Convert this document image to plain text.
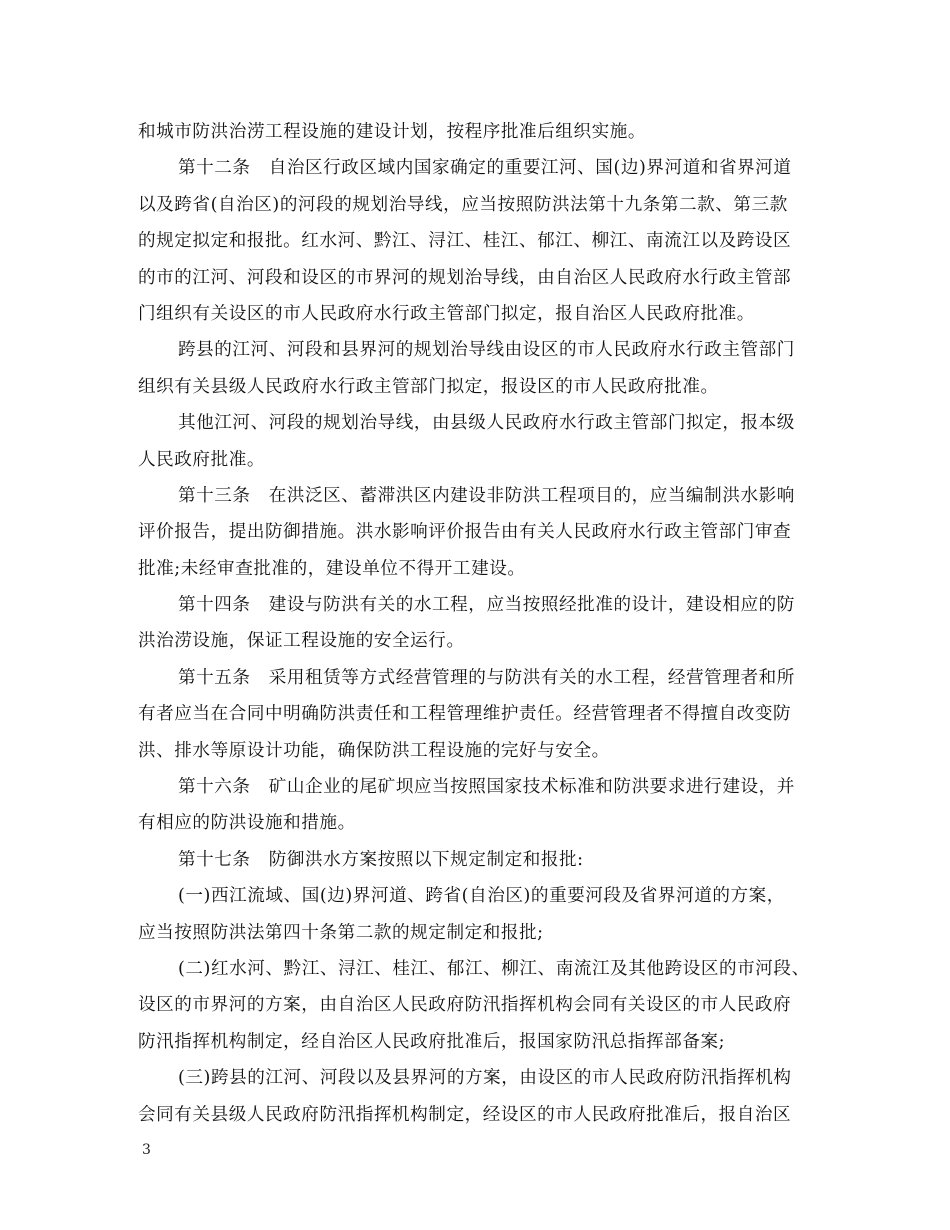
和城市防洪治涝工程设施的建设计划，按程序批准后组织实施。
第十二条　自治区行政区域内国家确定的重要江河、国(边)界河道和省界河道
以及跨省(自治区)的河段的规划治导线，应当按照防洪法第十九条第二款、第三款
的规定拟定和报批。红水河、黔江、浔江、桂江、郁江、柳江、南流江以及跨设区
的市的江河、河段和设区的市界河的规划治导线，由自治区人民政府水行政主管部
门组织有关设区的市人民政府水行政主管部门拟定，报自治区人民政府批准。
跨县的江河、河段和县界河的规划治导线由设区的市人民政府水行政主管部门
组织有关县级人民政府水行政主管部门拟定，报设区的市人民政府批准。
其他江河、河段的规划治导线，由县级人民政府水行政主管部门拟定，报本级
人民政府批准。
第十三条　在洪泛区、蓄滞洪区内建设非防洪工程项目的，应当编制洪水影响
评价报告，提出防御措施。洪水影响评价报告由有关人民政府水行政主管部门审查
批准;未经审查批准的，建设单位不得开工建设。
第十四条　建设与防洪有关的水工程，应当按照经批准的设计，建设相应的防
洪治涝设施，保证工程设施的安全运行。
第十五条　采用租赁等方式经营管理的与防洪有关的水工程，经营管理者和所
有者应当在合同中明确防洪责任和工程管理维护责任。经营管理者不得擅自改变防
洪、排水等原设计功能，确保防洪工程设施的完好与安全。
第十六条　矿山企业的尾矿坝应当按照国家技术标准和防洪要求进行建设，并
有相应的防洪设施和措施。
第十七条　防御洪水方案按照以下规定制定和报批:
(一)西江流域、国(边)界河道、跨省(自治区)的重要河段及省界河道的方案，
应当按照防洪法第四十条第二款的规定制定和报批;
(二)红水河、黔江、浔江、桂江、郁江、柳江、南流江及其他跨设区的市河段、
设区的市界河的方案，由自治区人民政府防汛指挥机构会同有关设区的市人民政府
防汛指挥机构制定，经自治区人民政府批准后，报国家防汛总指挥部备案;
(三)跨县的江河、河段以及县界河的方案，由设区的市人民政府防汛指挥机构
会同有关县级人民政府防汛指挥机构制定，经设区的市人民政府批准后，报自治区
3
